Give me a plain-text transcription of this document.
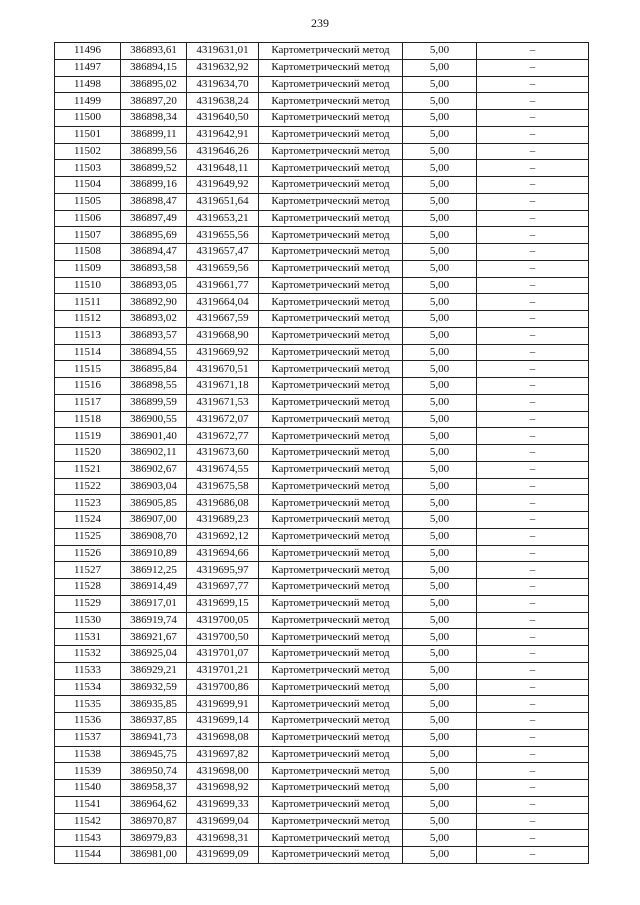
239
11496	386893,61	4319631,01	Картометрический метод	5,00	–
11497	386894,15	4319632,92	Картометрический метод	5,00	–
11498	386895,02	4319634,70	Картометрический метод	5,00	–
11499	386897,20	4319638,24	Картометрический метод	5,00	–
11500	386898,34	4319640,50	Картометрический метод	5,00	–
11501	386899,11	4319642,91	Картометрический метод	5,00	–
11502	386899,56	4319646,26	Картометрический метод	5,00	–
11503	386899,52	4319648,11	Картометрический метод	5,00	–
11504	386899,16	4319649,92	Картометрический метод	5,00	–
11505	386898,47	4319651,64	Картометрический метод	5,00	–
11506	386897,49	4319653,21	Картометрический метод	5,00	–
11507	386895,69	4319655,56	Картометрический метод	5,00	–
11508	386894,47	4319657,47	Картометрический метод	5,00	–
11509	386893,58	4319659,56	Картометрический метод	5,00	–
11510	386893,05	4319661,77	Картометрический метод	5,00	–
11511	386892,90	4319664,04	Картометрический метод	5,00	–
11512	386893,02	4319667,59	Картометрический метод	5,00	–
11513	386893,57	4319668,90	Картометрический метод	5,00	–
11514	386894,55	4319669,92	Картометрический метод	5,00	–
11515	386895,84	4319670,51	Картометрический метод	5,00	–
11516	386898,55	4319671,18	Картометрический метод	5,00	–
11517	386899,59	4319671,53	Картометрический метод	5,00	–
11518	386900,55	4319672,07	Картометрический метод	5,00	–
11519	386901,40	4319672,77	Картометрический метод	5,00	–
11520	386902,11	4319673,60	Картометрический метод	5,00	–
11521	386902,67	4319674,55	Картометрический метод	5,00	–
11522	386903,04	4319675,58	Картометрический метод	5,00	–
11523	386905,85	4319686,08	Картометрический метод	5,00	–
11524	386907,00	4319689,23	Картометрический метод	5,00	–
11525	386908,70	4319692,12	Картометрический метод	5,00	–
11526	386910,89	4319694,66	Картометрический метод	5,00	–
11527	386912,25	4319695,97	Картометрический метод	5,00	–
11528	386914,49	4319697,77	Картометрический метод	5,00	–
11529	386917,01	4319699,15	Картометрический метод	5,00	–
11530	386919,74	4319700,05	Картометрический метод	5,00	–
11531	386921,67	4319700,50	Картометрический метод	5,00	–
11532	386925,04	4319701,07	Картометрический метод	5,00	–
11533	386929,21	4319701,21	Картометрический метод	5,00	–
11534	386932,59	4319700,86	Картометрический метод	5,00	–
11535	386935,85	4319699,91	Картометрический метод	5,00	–
11536	386937,85	4319699,14	Картометрический метод	5,00	–
11537	386941,73	4319698,08	Картометрический метод	5,00	–
11538	386945,75	4319697,82	Картометрический метод	5,00	–
11539	386950,74	4319698,00	Картометрический метод	5,00	–
11540	386958,37	4319698,92	Картометрический метод	5,00	–
11541	386964,62	4319699,33	Картометрический метод	5,00	–
11542	386970,87	4319699,04	Картометрический метод	5,00	–
11543	386979,83	4319698,31	Картометрический метод	5,00	–
11544	386981,00	4319699,09	Картометрический метод	5,00	–
